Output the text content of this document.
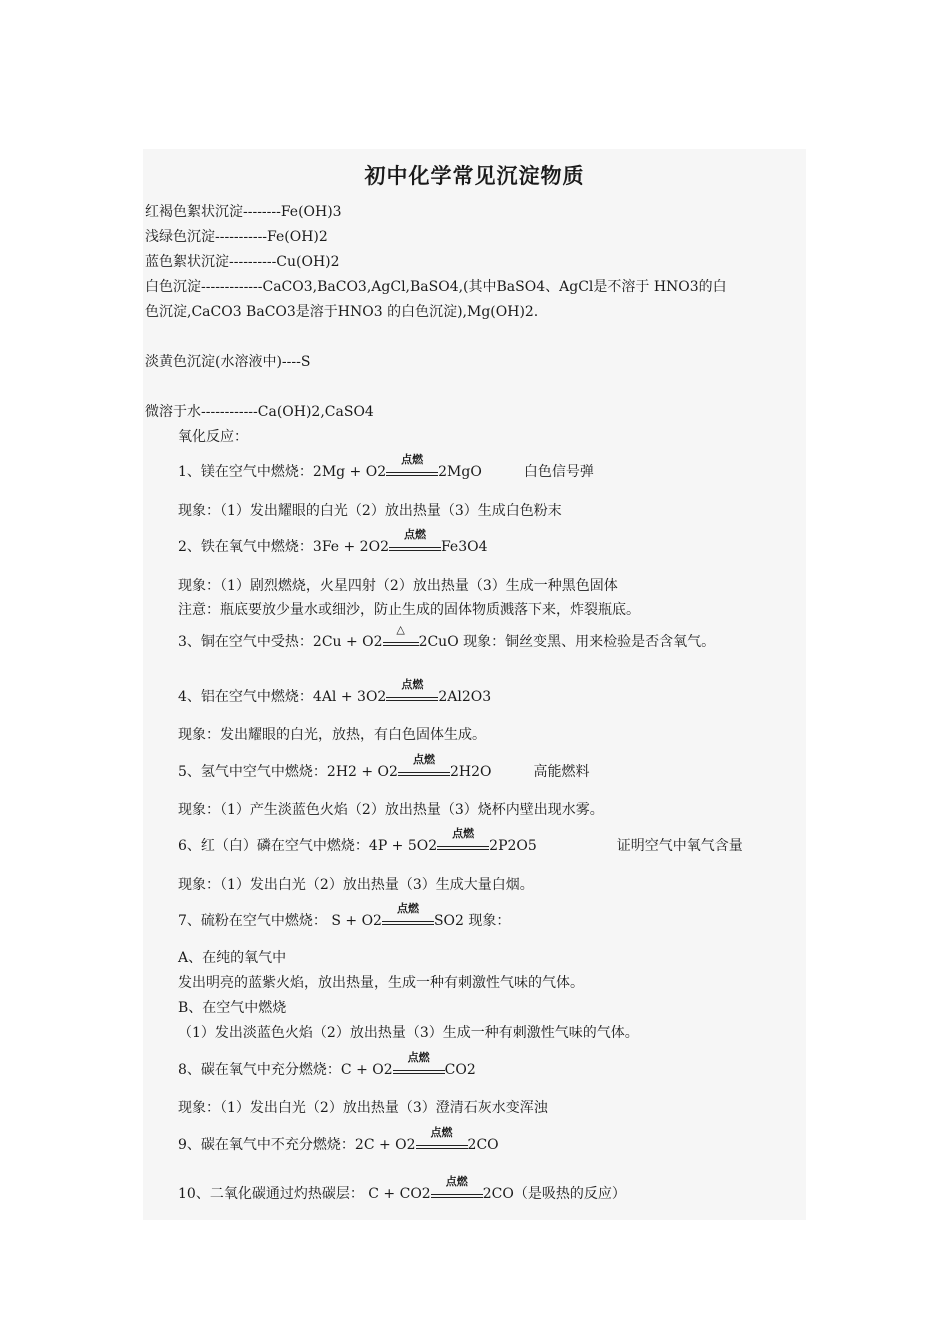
初中化学常见沉淀物质
红褐色絮状沉淀--------Fe(OH)3
浅绿色沉淀-----------Fe(OH)2
蓝色絮状沉淀----------Cu(OH)2
白色沉淀-------------CaCO3,BaCO3,AgCl,BaSO4,(其中BaSO4、AgCl是不溶于 HNO3的白
色沉淀,CaCO3 BaCO3是溶于HNO3 的白色沉淀),Mg(OH)2.
淡黄色沉淀(水溶液中)----S
微溶于水------------Ca(OH)2,CaSO4
氧化反应：
1、镁在空气中燃烧：2Mg + O2
点燃
2MgO	白色信号弹
现象：（1）发出耀眼的白光（2）放出热量（3）生成白色粉末
2、铁在氧气中燃烧：3Fe + 2O2
点燃
Fe3O4
现象：（1）剧烈燃烧，火星四射（2）放出热量（3）生成一种黑色固体
注意：瓶底要放少量水或细沙，防止生成的固体物质溅落下来，炸裂瓶底。
3、铜在空气中受热：2Cu + O2
△
2CuO 现象：铜丝变黑、用来检验是否含氧气。
4、铝在空气中燃烧：4Al + 3O2
点燃
2Al2O3
现象：发出耀眼的白光，放热，有白色固体生成。
5、氢气中空气中燃烧：2H2 + O2
点燃
2H2O	高能燃料
现象：（1）产生淡蓝色火焰（2）放出热量（3）烧杯内壁出现水雾。
6、红（白）磷在空气中燃烧：4P + 5O2
点燃
2P2O5	证明空气中氧气含量
现象：（1）发出白光（2）放出热量（3）生成大量白烟。
7、硫粉在空气中燃烧： S + O2
点燃
SO2 现象：
A、在纯的氧气中
发出明亮的蓝紫火焰，放出热量，生成一种有刺激性气味的气体。
B、在空气中燃烧
（1）发出淡蓝色火焰（2）放出热量（3）生成一种有刺激性气味的气体。
8、碳在氧气中充分燃烧：C + O2
点燃
CO2
现象：（1）发出白光（2）放出热量（3）澄清石灰水变浑浊
9、碳在氧气中不充分燃烧：2C + O2
点燃
2CO
10、二氧化碳通过灼热碳层： C + CO2
点燃
2CO（是吸热的反应）
